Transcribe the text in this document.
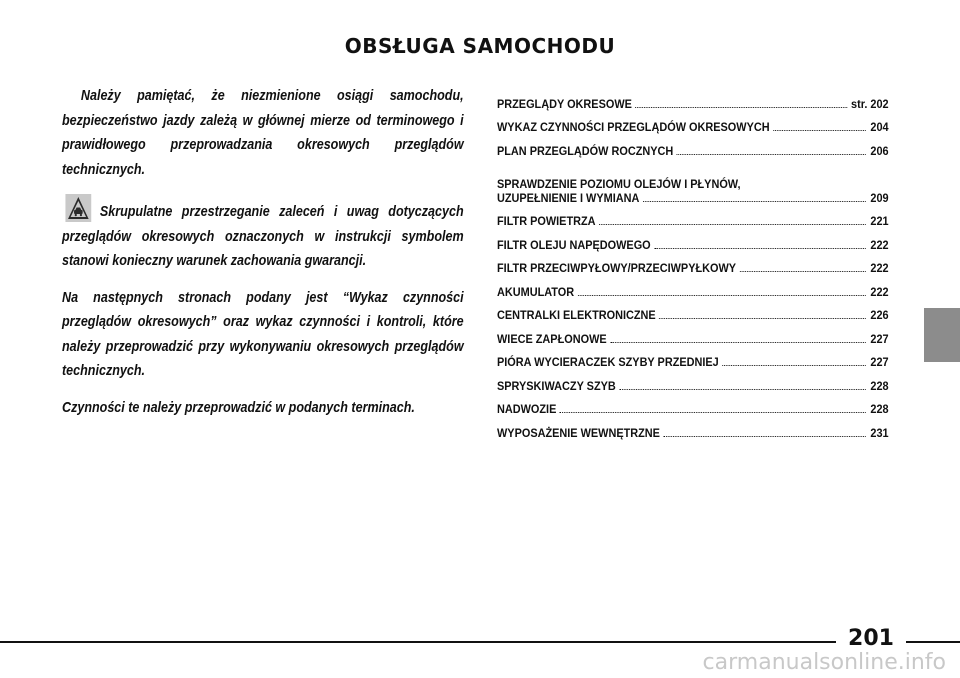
OBSŁUGA SAMOCHODU

Należy pamiętać, że niezmienione osiągi samochodu, bezpieczeństwo jazdy zależą w głównej mierze od terminowego i prawidłowego przeprowadzania okresowych przeglądów technicznych.

Skrupulatne przestrzeganie zaleceń i uwag dotyczących przeglądów okresowych oznaczonych w instrukcji symbolem stanowi konieczny warunek zachowania gwarancji.

Na następnych stronach podany jest “Wykaz czynności przeglądów okresowych” oraz wykaz czynności i kontroli, które należy przeprowadzić przy wykonywaniu okresowych przeglądów technicznych.

Czynności te należy przeprowadzić w podanych terminach.

PRZEGLĄDY OKRESOWE	str. 202
WYKAZ CZYNNOŚCI PRZEGLĄDÓW OKRESOWYCH	204
PLAN PRZEGLĄDÓW ROCZNYCH	206
SPRAWDZENIE POZIOMU OLEJÓW I PŁYNÓW,
UZUPEŁNIENIE I WYMIANA	209
FILTR POWIETRZA	221
FILTR OLEJU NAPĘDOWEGO	222
FILTR PRZECIWPYŁOWY/PRZECIWPYŁKOWY	222
AKUMULATOR	222
CENTRALKI ELEKTRONICZNE	226
WIECE ZAPŁONOWE	227
PIÓRA WYCIERACZEK SZYBY PRZEDNIEJ	227
SPRYSKIWACZY SZYB	228
NADWOZIE	228
WYPOSAŻENIE WEWNĘTRZNE	231
201
carmanualsonline.info
